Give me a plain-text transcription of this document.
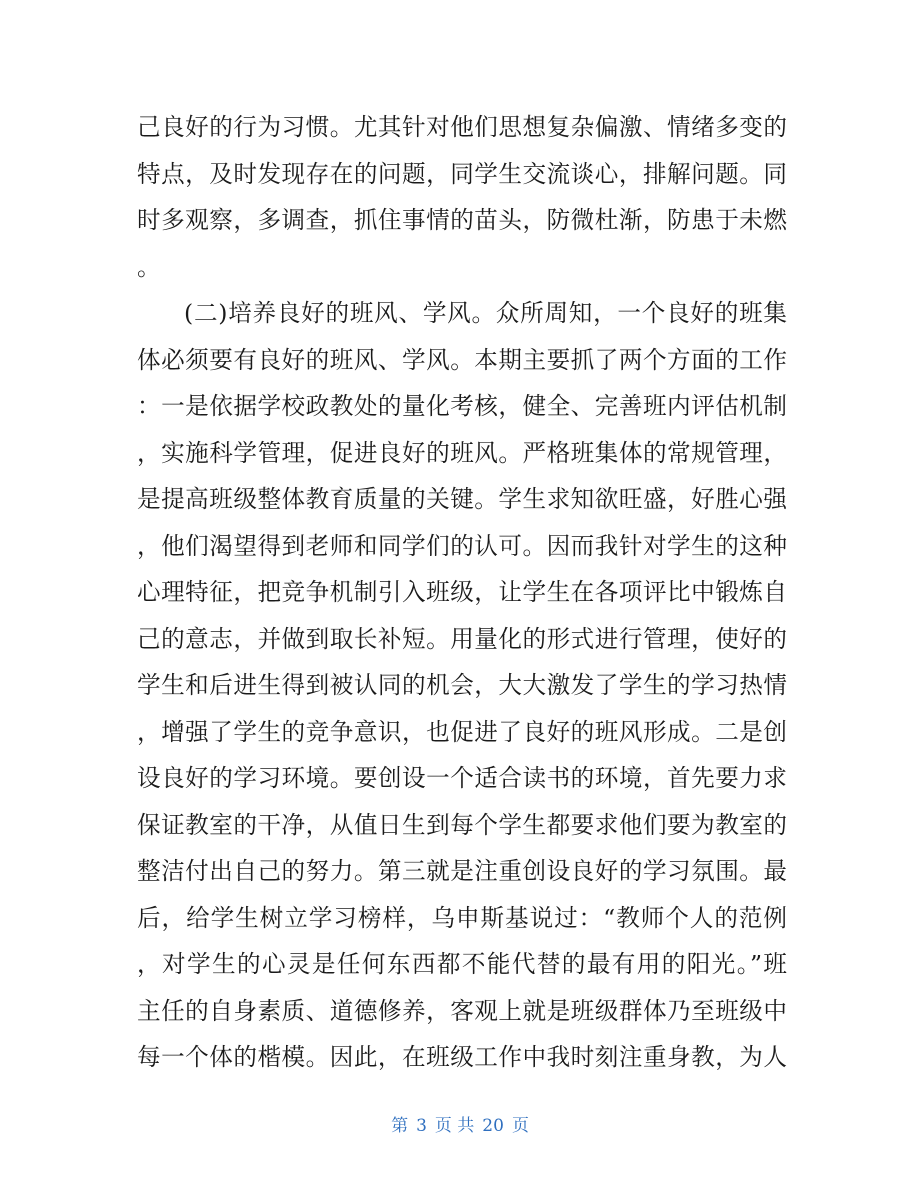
己良好的行为习惯。尤其针对他们思想复杂偏激、情绪多变的
特点，及时发现存在的问题，同学生交流谈心，排解问题。同
时多观察，多调查，抓住事情的苗头，防微杜渐，防患于未燃
。
(二)培养良好的班风、学风。众所周知，一个良好的班集
体必须要有良好的班风、学风。本期主要抓了两个方面的工作
：一是依据学校政教处的量化考核，健全、完善班内评估机制
，实施科学管理，促进良好的班风。严格班集体的常规管理，
是提高班级整体教育质量的关键。学生求知欲旺盛，好胜心强
，他们渴望得到老师和同学们的认可。因而我针对学生的这种
心理特征，把竞争机制引入班级，让学生在各项评比中锻炼自
己的意志，并做到取长补短。用量化的形式进行管理，使好的
学生和后进生得到被认同的机会，大大激发了学生的学习热情
，增强了学生的竞争意识，也促进了良好的班风形成。二是创
设良好的学习环境。要创设一个适合读书的环境，首先要力求
保证教室的干净，从值日生到每个学生都要求他们要为教室的
整洁付出自己的努力。第三就是注重创设良好的学习氛围。最
后，给学生树立学习榜样，乌申斯基说过：“教师个人的范例
，对学生的心灵是任何东西都不能代替的最有用的阳光。”班
主任的自身素质、道德修养，客观上就是班级群体乃至班级中
每一个体的楷模。因此，在班级工作中我时刻注重身教，为人
第 3 页 共 20 页
